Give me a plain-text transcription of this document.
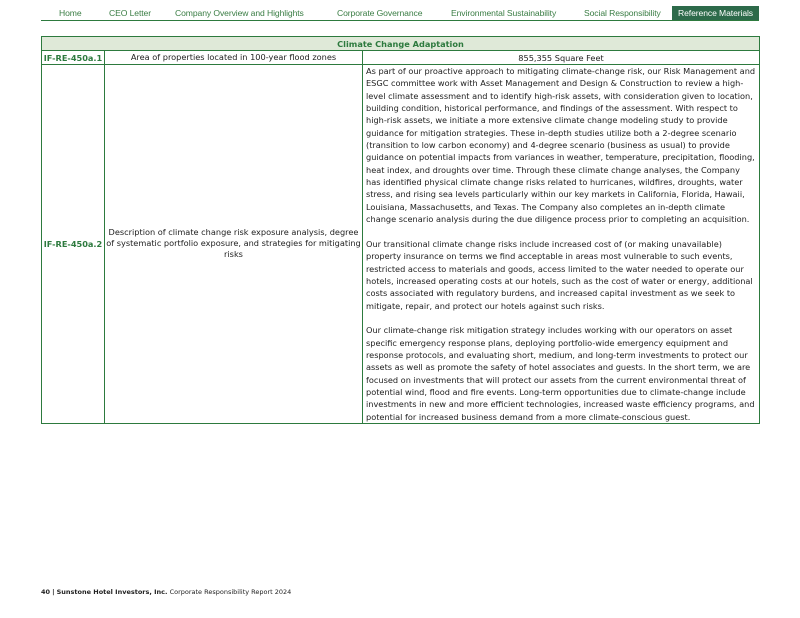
Home	CEO Letter	Company Overview and Highlights	Corporate Governance	Environmental Sustainability	Social Responsibility	Reference Materials
Climate Change Adaptation		
IF-RE-450a.1	Area of properties located in 100-year flood zones	855,355 Square Feet
IF-RE-450a.2	Description of climate change risk exposure analysis, degree of systematic portfolio exposure, and strategies for mitigating risks	As part of our proactive approach to mitigating climate-change risk, our Risk Management and ESGC committee work with Asset Management and Design & Construction to review a high-level climate assessment and to identify high-risk assets, with consideration given to location, building condition, historical performance, and findings of the assessment. With respect to high-risk assets, we initiate a more extensive climate change modeling study to provide guidance for mitigation strategies. These in-depth studies utilize both a 2-degree scenario (transition to low carbon economy) and 4-degree scenario (business as usual) to provide guidance on potential impacts from variances in weather, temperature, precipitation, flooding, heat index, and droughts over time. Through these climate change analyses, the Company has identified physical climate change risks related to hurricanes, wildfires, droughts, water stress, and rising sea levels particularly within our key markets in California, Florida, Hawaii, Louisiana, Massachusetts, and Texas. The Company also completes an in-depth climate change scenario analysis during the due diligence process prior to completing an acquisition.

Our transitional climate change risks include increased cost of (or making unavailable) property insurance on terms we find acceptable in areas most vulnerable to such events, restricted access to materials and goods, access limited to the water needed to operate our hotels, increased operating costs at our hotels, such as the cost of water or energy, additional costs associated with regulatory burdens, and increased capital investment as we seek to mitigate, repair, and protect our hotels against such risks.

Our climate-change risk mitigation strategy includes working with our operators on asset specific emergency response plans, deploying portfolio-wide emergency equipment and response protocols, and evaluating short, medium, and long-term investments to protect our assets as well as promote the safety of hotel associates and guests. In the short term, we are focused on investments that will protect our assets from the current environmental threat of potential wind, flood and fire events. Long-term opportunities due to climate-change include investments in new and more efficient technologies, increased waste efficiency programs, and potential for increased business demand from a more climate-conscious guest.

40 | Sunstone Hotel Investors, Inc. Corporate Responsibility Report 2024
